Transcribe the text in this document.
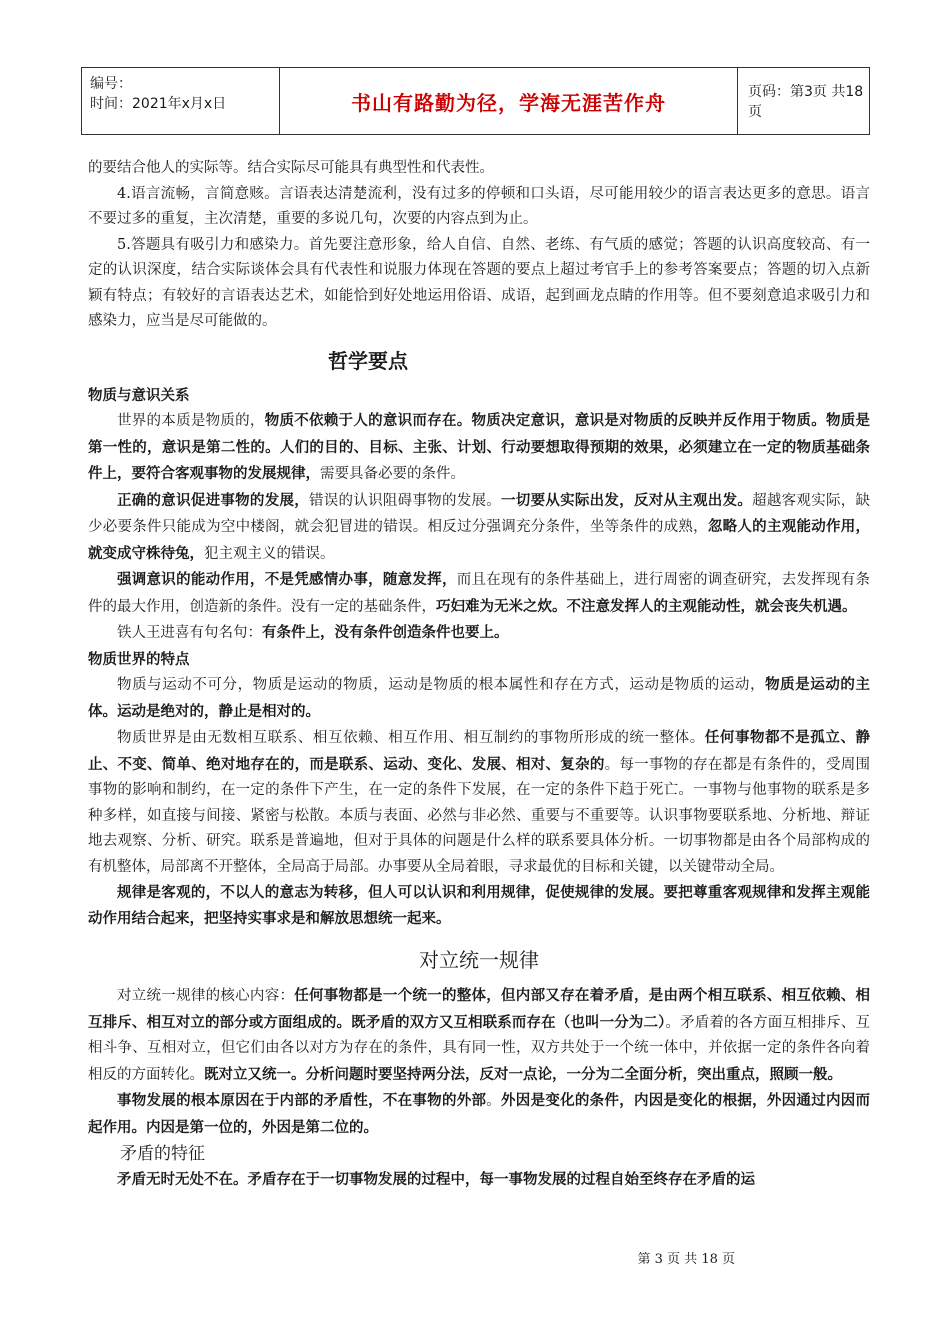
编号：
时间：2021年x月x日	书山有路勤为径，学海无涯苦作舟	页码：第3页 共18页

的要结合他人的实际等。结合实际尽可能具有典型性和代表性。

4.语言流畅，言简意赅。言语表达清楚流利，没有过多的停顿和口头语，尽可能用较少的语言表达更多的意思。语言不要过多的重复，主次清楚，重要的多说几句，次要的内容点到为止。

5.答题具有吸引力和感染力。首先要注意形象，给人自信、自然、老练、有气质的感觉；答题的认识高度较高、有一定的认识深度，结合实际谈体会具有代表性和说服力体现在答题的要点上超过考官手上的参考答案要点；答题的切入点新颖有特点；有较好的言语表达艺术，如能恰到好处地运用俗语、成语，起到画龙点睛的作用等。但不要刻意追求吸引力和感染力，应当是尽可能做的。

哲学要点
物质与意识关系

世界的本质是物质的，物质不依赖于人的意识而存在。物质决定意识，意识是对物质的反映并反作用于物质。物质是第一性的，意识是第二性的。人们的目的、目标、主张、计划、行动要想取得预期的效果，必须建立在一定的物质基础条件上，要符合客观事物的发展规律，需要具备必要的条件。

正确的意识促进事物的发展，错误的认识阻碍事物的发展。一切要从实际出发，反对从主观出发。超越客观实际，缺少必要条件只能成为空中楼阁，就会犯冒进的错误。相反过分强调充分条件，坐等条件的成熟，忽略人的主观能动作用，就变成守株待兔，犯主观主义的错误。

强调意识的能动作用，不是凭感情办事，随意发挥，而且在现有的条件基础上，进行周密的调查研究，去发挥现有条件的最大作用，创造新的条件。没有一定的基础条件，巧妇难为无米之炊。不注意发挥人的主观能动性，就会丧失机遇。

铁人王进喜有句名句：有条件上，没有条件创造条件也要上。

物质世界的特点

物质与运动不可分，物质是运动的物质，运动是物质的根本属性和存在方式，运动是物质的运动，物质是运动的主体。运动是绝对的，静止是相对的。

物质世界是由无数相互联系、相互依赖、相互作用、相互制约的事物所形成的统一整体。任何事物都不是孤立、静止、不变、简单、绝对地存在的，而是联系、运动、变化、发展、相对、复杂的。每一事物的存在都是有条件的，受周围事物的影响和制约，在一定的条件下产生，在一定的条件下发展，在一定的条件下趋于死亡。一事物与他事物的联系是多种多样，如直接与间接、紧密与松散。本质与表面、必然与非必然、重要与不重要等。认识事物要联系地、分析地、辩证地去观察、分析、研究。联系是普遍地，但对于具体的问题是什么样的联系要具体分析。一切事物都是由各个局部构成的有机整体，局部离不开整体，全局高于局部。办事要从全局着眼，寻求最优的目标和关键，以关键带动全局。

规律是客观的，不以人的意志为转移，但人可以认识和利用规律，促使规律的发展。要把尊重客观规律和发挥主观能动作用结合起来，把坚持实事求是和解放思想统一起来。

对立统一规律

对立统一规律的核心内容：任何事物都是一个统一的整体，但内部又存在着矛盾，是由两个相互联系、相互依赖、相互排斥、相互对立的部分或方面组成的。既矛盾的双方又互相联系而存在（也叫一分为二）。矛盾着的各方面互相排斥、互相斗争、互相对立，但它们由各以对方为存在的条件，具有同一性，双方共处于一个统一体中，并依据一定的条件各向着相反的方面转化。既对立又统一。分析问题时要坚持两分法，反对一点论，一分为二全面分析，突出重点，照顾一般。

事物发展的根本原因在于内部的矛盾性，不在事物的外部。外因是变化的条件，内因是变化的根据，外因通过内因而起作用。内因是第一位的，外因是第二位的。

矛盾的特征

矛盾无时无处不在。矛盾存在于一切事物发展的过程中，每一事物发展的过程自始至终存在矛盾的运

第 3 页 共 18 页
